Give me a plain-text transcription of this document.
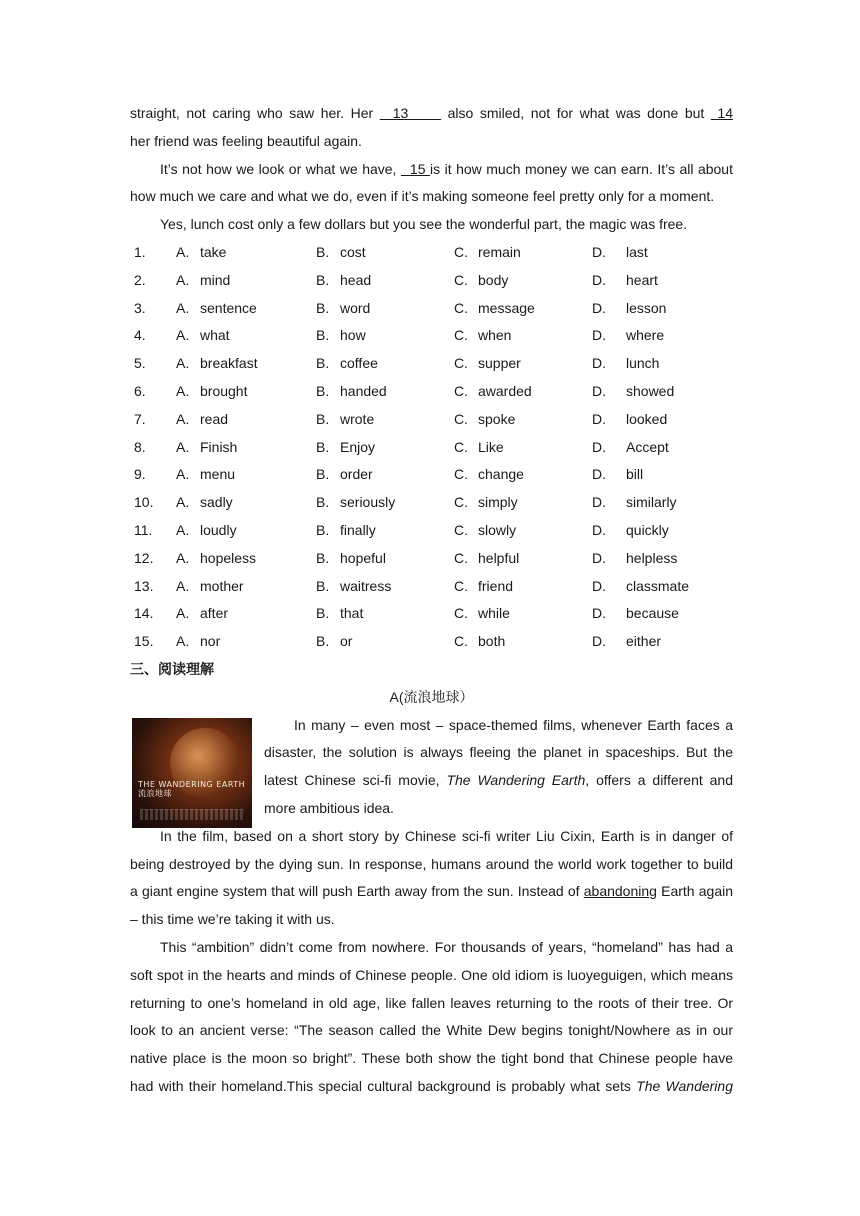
straight, not caring who saw her. Her   13      also smiled, not for what was done but  14
her friend was feeling beautiful again.
It’s not how we look or what we have,   15 is it how much money we can earn. It’s all about
how much we care and what we do, even if it’s making someone feel pretty only for a moment.
Yes, lunch cost only a few dollars but you see the wonderful part, the magic was free.
1. A. take	B. cost	C. remain	D. last
2. A. mind	B. head	C. body	D. heart
3. A. sentence	B. word	C. message	D. lesson
4. A. what	B. how	C. when	D. where
5. A. breakfast	B. coffee	C. supper	D. lunch
6. A. brought	B. handed	C. awarded	D. showed
7. A. read	B. wrote	C. spoke	D. looked
8. A. Finish	B. Enjoy	C. Like	D. Accept
9. A. menu	B. order	C. change	D. bill
10. A. sadly	B. seriously	C. simply	D. similarly
11. A. loudly	B. finally	C. slowly	D. quickly
12. A. hopeless	B. hopeful	C. helpful	D. helpless
13. A. mother	B. waitress	C. friend	D. classmate
14. A. after	B. that	C. while	D. because
15. A. nor	B. or	C. both	D. either
三、阅读理解
A(流浪地球）
THE WANDERING EARTH 流浪地球
In many – even most – space-themed films, whenever Earth faces a
disaster, the solution is always fleeing the planet in spaceships. But the
latest Chinese sci-fi movie, The Wandering Earth, offers a different and
more ambitious idea.
In the film, based on a short story by Chinese sci-fi writer Liu Cixin, Earth is in danger of
being destroyed by the dying sun. In response, humans around the world work together to build
a giant engine system that will push Earth away from the sun. Instead of abandoning Earth again
– this time we’re taking it with us.
This “ambition” didn’t come from nowhere. For thousands of years, “homeland” has had a
soft spot in the hearts and minds of Chinese people. One old idiom is luoyeguigen, which means
returning to one’s homeland in old age, like fallen leaves returning to the roots of their tree. Or
look to an ancient verse: “The season called the White Dew begins tonight/Nowhere as in our
native place is the moon so bright”. These both show the tight bond that Chinese people have
had with their homeland.This special cultural background is probably what sets The Wandering
